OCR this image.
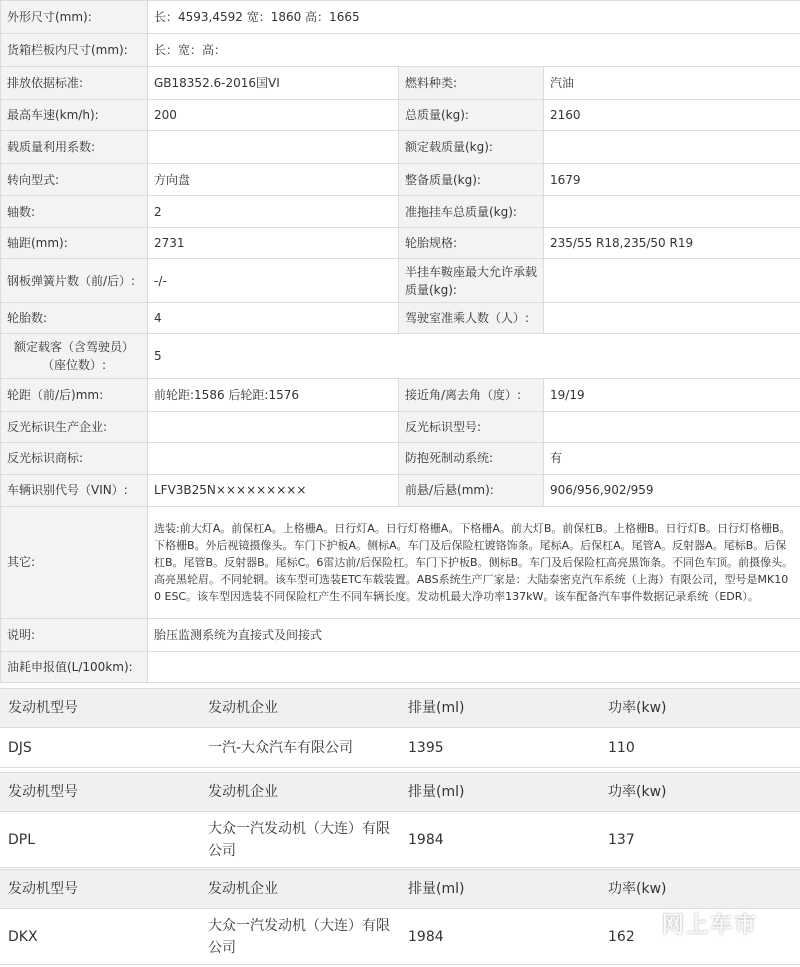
外形尺寸(mm):	长：4593,4592 宽：1860 高：1665		
货箱栏板内尺寸(mm):	长：宽：高：		
排放依据标准:	GB18352.6-2016国VI	燃料种类:	汽油
最高车速(km/h):	200	总质量(kg):	2160
载质量利用系数:		额定载质量(kg):	
转向型式:	方向盘	整备质量(kg):	1679
轴数:	2	准拖挂车总质量(kg):	
轴距(mm):	2731	轮胎规格:	235/55 R18,235/50 R19
钢板弹簧片数（前/后）:	-/-	半挂车鞍座最大允许承载质量(kg):	
轮胎数:	4	驾驶室准乘人数（人）:	
额定载客（含驾驶员）（座位数）:	5		
轮距（前/后)mm:	前轮距:1586 后轮距:1576	接近角/离去角（度）:	19/19
反光标识生产企业:		反光标识型号:	
反光标识商标:		防抱死制动系统:	有
车辆识别代号（VIN）:	LFV3B25N×××××××××	前悬/后悬(mm):	906/956,902/959
其它:	选装:前大灯A。前保杠A。上格栅A。日行灯A。日行灯格栅A。下格栅A。前大灯B。前保杠B。上格栅B。日行灯B。日行灯格栅B。下格栅B。外后视镜摄像头。车门下护板A。侧标A。车门及后保险杠镀铬饰条。尾标A。后保杠A。尾管A。反射器A。尾标B。后保杠B。尾管B。反射器B。尾标C。6雷达前/后保险杠。车门下护板B。侧标B。车门及后保险杠高亮黑饰条。不同色车顶。前摄像头。高亮黑轮眉。不同轮辋。该车型可选装ETC车载装置。ABS系统生产厂家是：大陆泰密克汽车系统（上海）有限公司，型号是MK100 ESC。该车型因选装不同保险杠产生不同车辆长度。发动机最大净功率137kW。该车配备汽车事件数据记录系统（EDR）。		
说明:	胎压监测系统为直接式及间接式		
油耗申报值(L/100km):			
发动机型号	发动机企业	排量(ml)	功率(kw)
DJS	一汽-大众汽车有限公司	1395	110
发动机型号	发动机企业	排量(ml)	功率(kw)
DPL	大众一汽发动机（大连）有限公司	1984	137
发动机型号	发动机企业	排量(ml)	功率(kw)
DKX	大众一汽发动机（大连）有限公司	1984	162 网上车市
